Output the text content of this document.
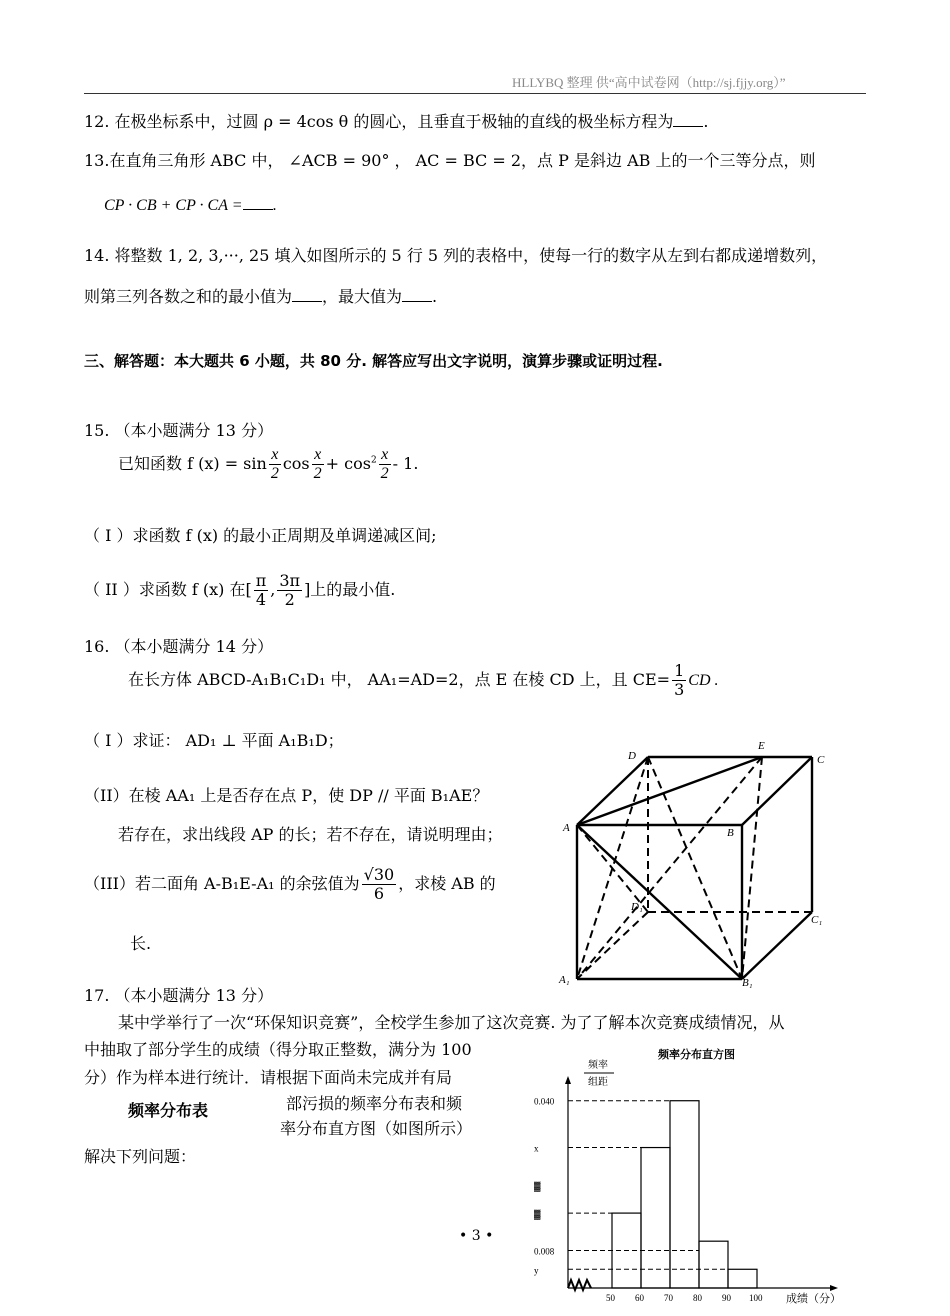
HLLYBQ 整理 供“高中试卷网（http://sj.fjjy.org）”
12. 在极坐标系中，过圆 ρ = 4cos θ 的圆心，且垂直于极轴的直线的极坐标方程为 .
13.在直角三角形 ABC 中， ∠ACB = 90° ， AC = BC = 2，点 P 是斜边 AB 上的一个三等分点，则
CP · CB + CP · CA = .
14. 将整数 1, 2, 3,···, 25 填入如图所示的 5 行 5 列的表格中，使每一行的数字从左到右都成递增数列，
则第三列各数之和的最小值为 ，最大值为 .
三、解答题：本大题共 6 小题，共 80 分. 解答应写出文字说明，演算步骤或证明过程.
15. （本小题满分 13 分）
已知函数 f $(x) = \sin \frac{x}{2}$ $\cos \frac{x}{2} + \cos^2 \frac{x}{2} - 1$.
（ I ）求函数 f (x) 的最小正周期及单调递减区间;
（ II ）求函数 f (x) 在[ $\frac{\pi}{4}$ , $\frac{3\pi}{2}$ ]上的最小值.
16. （本小题满分 14 分）
在长方体 ABCD-A₁B₁C₁D₁ 中， AA₁=AD=2，点 E 在棱 CD 上，且 $CE= \frac{1}{3}$ CD .
（ I ）求证： AD₁ ⊥ 平面 A₁B₁D；
（II）在棱 AA₁ 上是否存在点 P，使 DP // 平面 B₁AE？
若存在，求出线段 AP 的长；若不存在，请说明理由；
（III）若二面角 A-B₁E-A₁ 的余弦值为 $\frac{√30}{6}$ ，求棱 AB 的
长.
D
E
C
A	B
D₁
C₁
A₁	B₁
17. （本小题满分 13 分）
某中学举行了一次“环保知识竞赛”，全校学生参加了这次竞赛. 为了了解本次竞赛成绩情况，从
中抽取了部分学生的成绩（得分取正整数，满分为 100
分）作为样本进行统计．请根据下面尚未完成并有局
频率分布表	部污损的频率分布表和频
率分布直方图（如图所示）
解决下列问题：
• 3 •
频率分布直方图
频率
组距
成绩（分）
0.040
x
▓
▓
0.008
y
50 60 70 80 90 100
